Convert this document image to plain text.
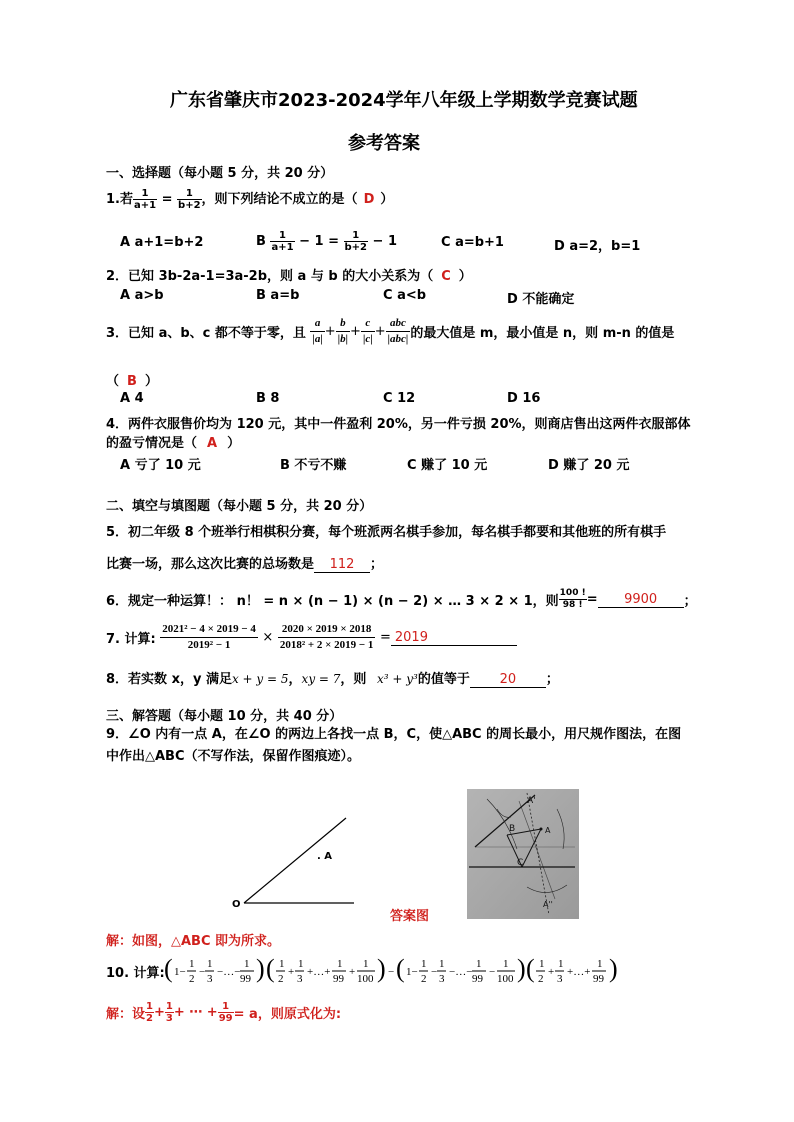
广东省肇庆市2023-2024学年八年级上学期数学竞赛试题
参考答案
一、选择题（每小题 5 分，共 20 分）
1.若 $\frac{1}{a+1} = \frac{1}{b+2}$ ，则下列结论不成立的是（ D ）
A a+1=b+2	B $\frac{1}{a+1} - 1 = \frac{1}{b+2} - 1$	C a=b+1	D a=2，b=1
2．已知 3b-2a-1=3a-2b，则 a 与 b 的大小关系为（ C ）
A a>b	B a=b	C a<b	D 不能确定
3．已知 a、b、c 都不等于零，且 $\frac{a}{|a|} + \frac{b}{|b|} + \frac{c}{|c|} + \frac{\text{abc}}{\text{|abc|}}$ 的最大值是 m，最小值是 n，则 m-n 的值是
（ B ）
A 4	B 8	C 12	D 16
4．两件衣服售价均为 120 元，其中一件盈利 20%，另一件亏损 20%，则商店售出这两件衣服部体
的盈亏情况是（ A ）
A 亏了 10 元	B 不亏不赚	C 赚了 10 元	D 赚了 20 元
二、填空与填图题（每小题 5 分，共 20 分）
5．初二年级 8 个班举行相棋积分赛，每个班派两名棋手参加，每名棋手都要和其他班的所有棋手
比赛一场，那么这次比赛的总场数是 112 ；
6．规定一种运算！： n！ = n × (n − 1) × (n − 2) × … 3 × 2 × 1，则 $\frac{100 !}{98 !} = 9900$ ；
7. 计算: $\frac{\text{2021² − 4 × 2019 − 4}}{\text{2019² − 1}} \times \frac{2020 \times 2019 \times 2018}{\text{2018² + 2 × 2019 − 1}} = 2019$
8．若实数 x，y 满足x + y = 5，xy = 7，则 x³ + y³的值等于 20 ；
三、解答题（每小题 10 分，共 40 分）
9．∠O 内有一点 A，在∠O 的两边上各找一点 B，C，使△ABC 的周长最小，用尺规作图法，在图
中作出△ABC（不写作法，保留作图痕迹）。
. A
O
A'
B	A
C
A''
答案图
解：如图，△ABC 即为所求。
10. 计算: ( 1−
1
2
−
1
3
−…−
1
99 ) ( 1
2
+
1
3
+…+
1
99
+
1
100 ) − ( 1−
1
2
−
1
3
−…−
1
99
−
1
100 ) ( 1
2
+
1
3
+…+
1
99 )
解：设 $\frac{1}{2} + \frac{1}{3}$ + ⋯ + $\frac{1}{99} = a$，则原式化为:
